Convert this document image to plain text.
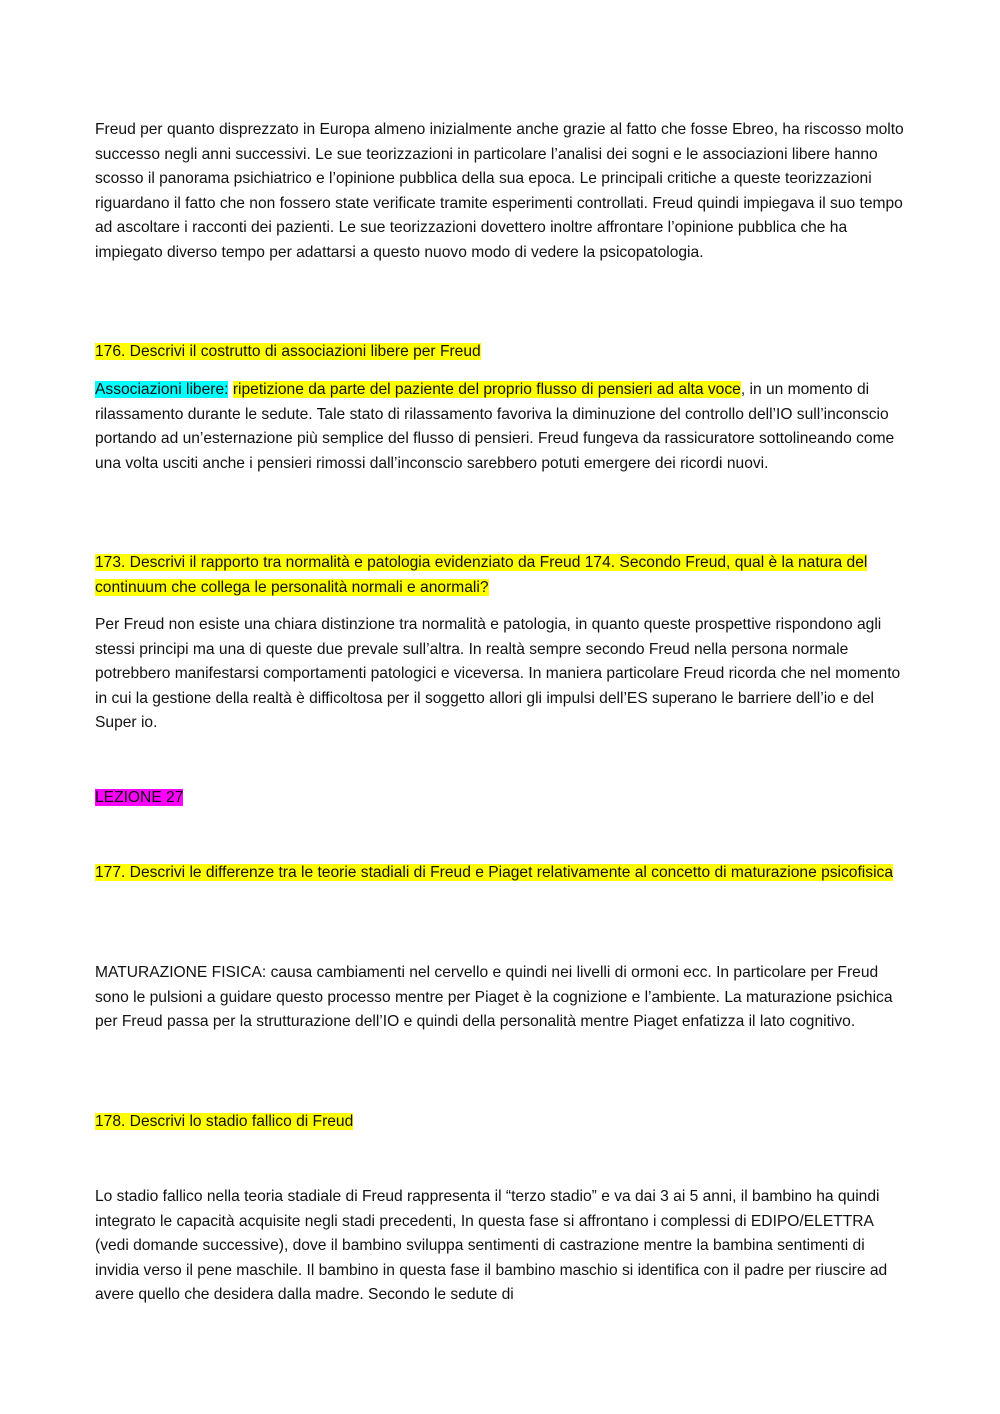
Freud per quanto disprezzato in Europa almeno inizialmente anche grazie al fatto che fosse Ebreo, ha riscosso molto successo negli anni successivi. Le sue teorizzazioni in particolare l’analisi dei sogni e le associazioni libere hanno scosso il panorama psichiatrico e l’opinione pubblica della sua epoca. Le principali critiche a queste teorizzazioni riguardano il fatto che non fossero state verificate tramite esperimenti controllati. Freud quindi impiegava il suo tempo ad ascoltare i racconti dei pazienti. Le sue teorizzazioni dovettero inoltre affrontare l’opinione pubblica che ha impiegato diverso tempo per adattarsi a questo nuovo modo di vedere la psicopatologia.

176. Descrivi il costrutto di associazioni libere per Freud

Associazioni libere: ripetizione da parte del paziente del proprio flusso di pensieri ad alta voce, in un momento di rilassamento durante le sedute. Tale stato di rilassamento favoriva la diminuzione del controllo dell’IO sull’inconscio portando ad un’esternazione più semplice del flusso di pensieri. Freud fungeva da rassicuratore sottolineando come una volta usciti anche i pensieri rimossi dall’inconscio sarebbero potuti emergere dei ricordi nuovi.

173. Descrivi il rapporto tra normalità e patologia evidenziato da Freud 174. Secondo Freud, qual è la natura del continuum che collega le personalità normali e anormali?

Per Freud non esiste una chiara distinzione tra normalità e patologia, in quanto queste prospettive rispondono agli stessi principi ma una di queste due prevale sull’altra. In realtà sempre secondo Freud nella persona normale potrebbero manifestarsi comportamenti patologici e viceversa. In maniera particolare Freud ricorda che nel momento in cui la gestione della realtà è difficoltosa per il soggetto allori gli impulsi dell’ES superano le barriere dell’io e del Super io.

LEZIONE 27

177. Descrivi le differenze tra le teorie stadiali di Freud e Piaget relativamente al concetto di maturazione psicofisica

MATURAZIONE FISICA: causa cambiamenti nel cervello e quindi nei livelli di ormoni ecc. In particolare per Freud sono le pulsioni a guidare questo processo mentre per Piaget è la cognizione e l’ambiente. La maturazione psichica per Freud passa per la strutturazione dell’IO e quindi della personalità mentre Piaget enfatizza il lato cognitivo.

178. Descrivi lo stadio fallico di Freud

Lo stadio fallico nella teoria stadiale di Freud rappresenta il “terzo stadio” e va dai 3 ai 5 anni, il bambino ha quindi integrato le capacità acquisite negli stadi precedenti, In questa fase si affrontano i complessi di EDIPO/ELETTRA (vedi domande successive), dove il bambino sviluppa sentimenti di castrazione mentre la bambina sentimenti di invidia verso il pene maschile. Il bambino in questa fase il bambino maschio si identifica con il padre per riuscire ad avere quello che desidera dalla madre. Secondo le sedute di
